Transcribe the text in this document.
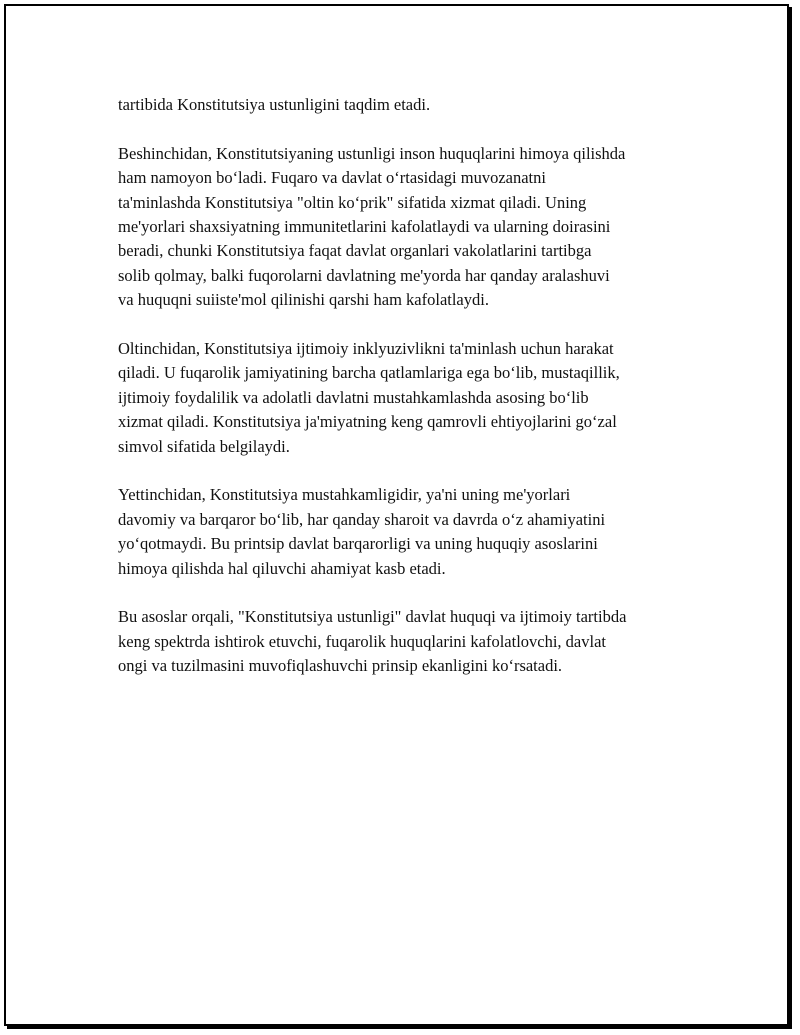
tartibida Konstitutsiya ustunligini taqdim etadi.

Beshinchidan, Konstitutsiyaning ustunligi inson huquqlarini himoya qilishda
ham namoyon bo‘ladi. Fuqaro va davlat o‘rtasidagi muvozanatni
ta'minlashda Konstitutsiya "oltin ko‘prik" sifatida xizmat qiladi. Uning
me'yorlari shaxsiyatning immunitetlarini kafolatlaydi va ularning doirasini
beradi, chunki Konstitutsiya faqat davlat organlari vakolatlarini tartibga
solib qolmay, balki fuqorolarni davlatning me'yorda har qanday aralashuvi
va huquqni suiiste'mol qilinishi qarshi ham kafolatlaydi.

Oltinchidan, Konstitutsiya ijtimoiy inklyuzivlikni ta'minlash uchun harakat
qiladi. U fuqarolik jamiyatining barcha qatlamlariga ega bo‘lib, mustaqillik,
ijtimoiy foydalilik va adolatli davlatni mustahkamlashda asosing bo‘lib
xizmat qiladi. Konstitutsiya ja'miyatning keng qamrovli ehtiyojlarini go‘zal
simvol sifatida belgilaydi.

Yettinchidan, Konstitutsiya mustahkamligidir, ya'ni uning me'yorlari
davomiy va barqaror bo‘lib, har qanday sharoit va davrda o‘z ahamiyatini
yo‘qotmaydi. Bu printsip davlat barqarorligi va uning huquqiy asoslarini
himoya qilishda hal qiluvchi ahamiyat kasb etadi.

Bu asoslar orqali, "Konstitutsiya ustunligi" davlat huquqi va ijtimoiy tartibda
keng spektrda ishtirok etuvchi, fuqarolik huquqlarini kafolatlovchi, davlat
ongi va tuzilmasini muvofiqlashuvchi prinsip ekanligini ko‘rsatadi.
